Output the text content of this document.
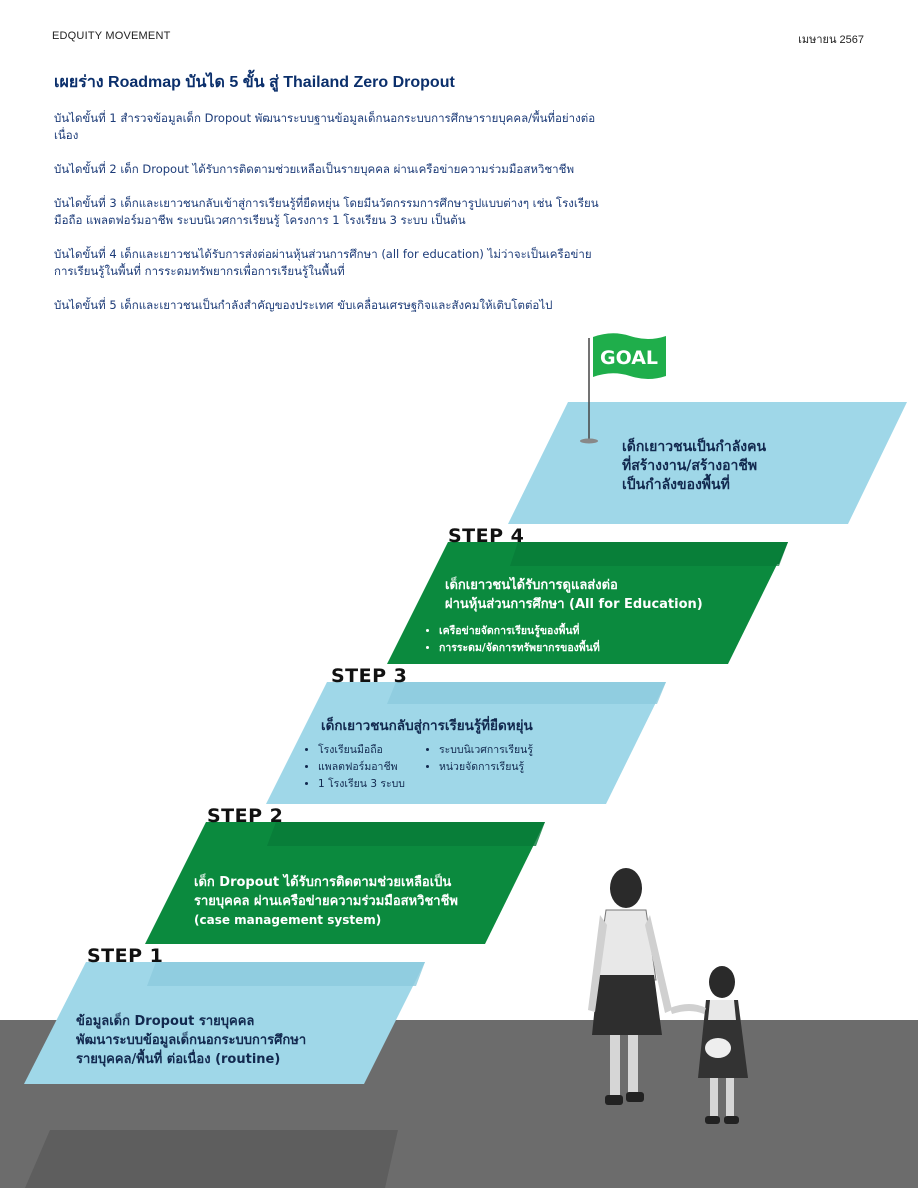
EDQUITY MOVEMENT	เมษายน 2567
เผยร่าง Roadmap บันได 5 ขั้น สู่ Thailand Zero Dropout

บันไดขั้นที่ 1 สำรวจข้อมูลเด็ก Dropout พัฒนาระบบฐานข้อมูลเด็กนอกระบบการศึกษารายบุคคล/พื้นที่อย่างต่อเนื่อง

บันไดขั้นที่ 2 เด็ก Dropout ได้รับการติดตามช่วยเหลือเป็นรายบุคคล ผ่านเครือข่ายความร่วมมือสหวิชาชีพ

บันไดขั้นที่ 3 เด็กและเยาวชนกลับเข้าสู่การเรียนรู้ที่ยืดหยุ่น โดยมีนวัตกรรมการศึกษารูปแบบต่างๆ เช่น โรงเรียนมือถือ แพลตฟอร์มอาชีพ ระบบนิเวศการเรียนรู้ โครงการ 1 โรงเรียน 3 ระบบ เป็นต้น

บันไดขั้นที่ 4 เด็กและเยาวชนได้รับการส่งต่อผ่านหุ้นส่วนการศึกษา (all for education) ไม่ว่าจะเป็นเครือข่ายการเรียนรู้ในพื้นที่ การระดมทรัพยากรเพื่อการเรียนรู้ในพื้นที่

บันไดขั้นที่ 5 เด็กและเยาวชนเป็นกำลังสำคัญของประเทศ ขับเคลื่อนเศรษฐกิจและสังคมให้เติบโตต่อไป

GOAL
เด็กเยาวชนเป็นกำลังคน
ที่สร้างงาน/สร้างอาชีพ
เป็นกำลังของพื้นที่
STEP 4
เด็กเยาวชนได้รับการดูแลส่งต่อ
ผ่านหุ้นส่วนการศึกษา (All for Education)
• เครือข่ายจัดการเรียนรู้ของพื้นที่
• การระดม/จัดการทรัพยากรของพื้นที่
STEP 3
เด็กเยาวชนกลับสู่การเรียนรู้ที่ยืดหยุ่น
• โรงเรียนมือถือ
• แพลตฟอร์มอาชีพ
• 1 โรงเรียน 3 ระบบ
• ระบบนิเวศการเรียนรู้
• หน่วยจัดการเรียนรู้
STEP 2
เด็ก Dropout ได้รับการติดตามช่วยเหลือเป็น
รายบุคคล ผ่านเครือข่ายความร่วมมือสหวิชาชีพ
(case management system)
STEP 1
ข้อมูลเด็ก Dropout รายบุคคล
พัฒนาระบบข้อมูลเด็กนอกระบบการศึกษา
รายบุคคล/พื้นที่ ต่อเนื่อง (routine)
